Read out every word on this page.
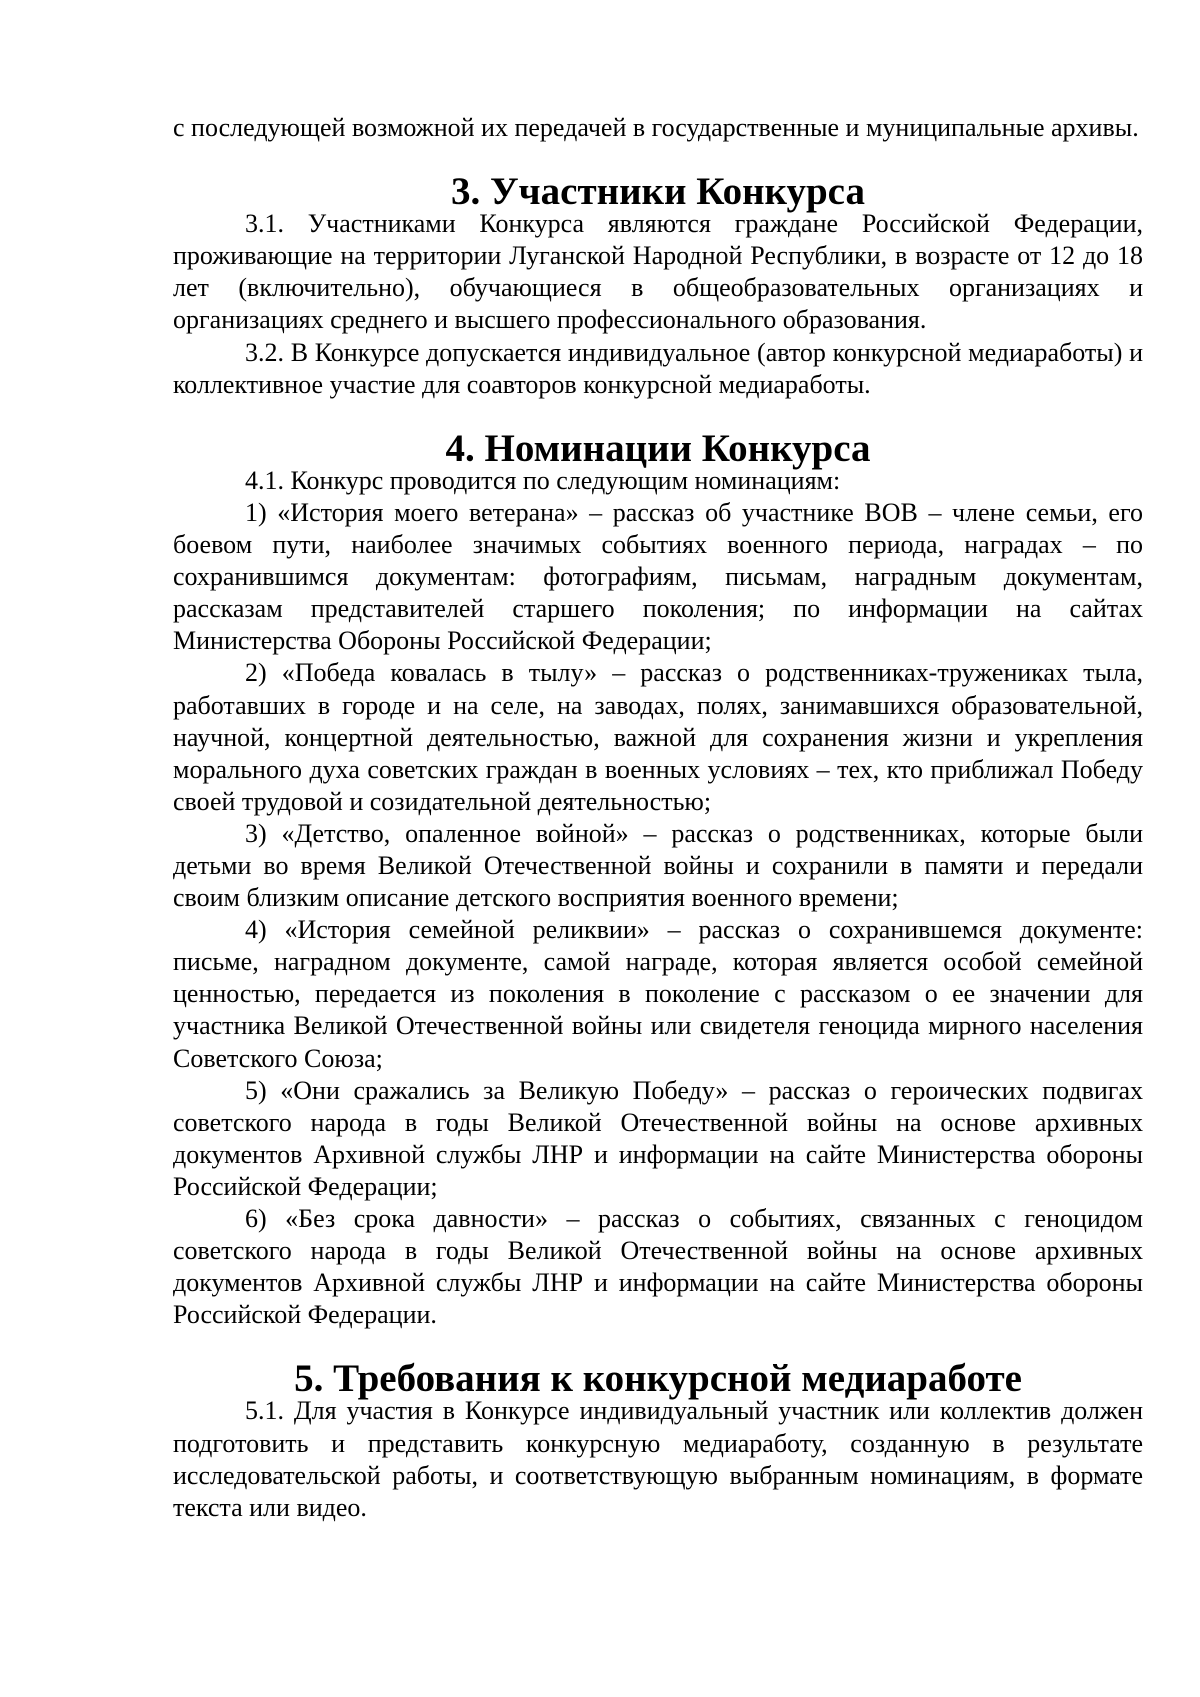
с последующей возможной их передачей в государственные и муниципальные архивы.

3. Участники Конкурса

3.1. Участниками Конкурса являются граждане Российской Федерации, проживающие на территории Луганской Народной Республики, в возрасте от 12 до 18 лет (включительно), обучающиеся в общеобразовательных организациях и организациях среднего и высшего профессионального образования.

3.2. В Конкурсе допускается индивидуальное (автор конкурсной медиаработы) и коллективное участие для соавторов конкурсной медиаработы.

4. Номинации Конкурса

4.1. Конкурс проводится по следующим номинациям:

1) «История моего ветерана» – рассказ об участнике ВОВ – члене семьи, его боевом пути, наиболее значимых событиях военного периода, наградах – по сохранившимся документам: фотографиям, письмам, наградным документам, рассказам представителей старшего поколения; по информации на сайтах Министерства Обороны Российской Федерации;

2) «Победа ковалась в тылу» – рассказ о родственниках-тружениках тыла, работавших в городе и на селе, на заводах, полях, занимавшихся образовательной, научной, концертной деятельностью, важной для сохранения жизни и укрепления морального духа советских граждан в военных условиях – тех, кто приближал Победу своей трудовой и созидательной деятельностью;

3) «Детство, опаленное войной» – рассказ о родственниках, которые были детьми во время Великой Отечественной войны и сохранили в памяти и передали своим близким описание детского восприятия военного времени;

4) «История семейной реликвии» – рассказ о сохранившемся документе: письме, наградном документе, самой награде, которая является особой семейной ценностью, передается из поколения в поколение с рассказом о ее значении для участника Великой Отечественной войны или свидетеля геноцида мирного населения Советского Союза;

5) «Они сражались за Великую Победу» – рассказ о героических подвигах советского народа в годы Великой Отечественной войны на основе архивных документов Архивной службы ЛНР и информации на сайте Министерства обороны Российской Федерации;

6) «Без срока давности» – рассказ о событиях, связанных с геноцидом советского народа в годы Великой Отечественной войны на основе архивных документов Архивной службы ЛНР и информации на сайте Министерства обороны Российской Федерации.

5. Требования к конкурсной медиаработе

5.1. Для участия в Конкурсе индивидуальный участник или коллектив должен подготовить и представить конкурсную медиаработу, созданную в результате исследовательской работы, и соответствующую выбранным номинациям, в формате текста или видео.
